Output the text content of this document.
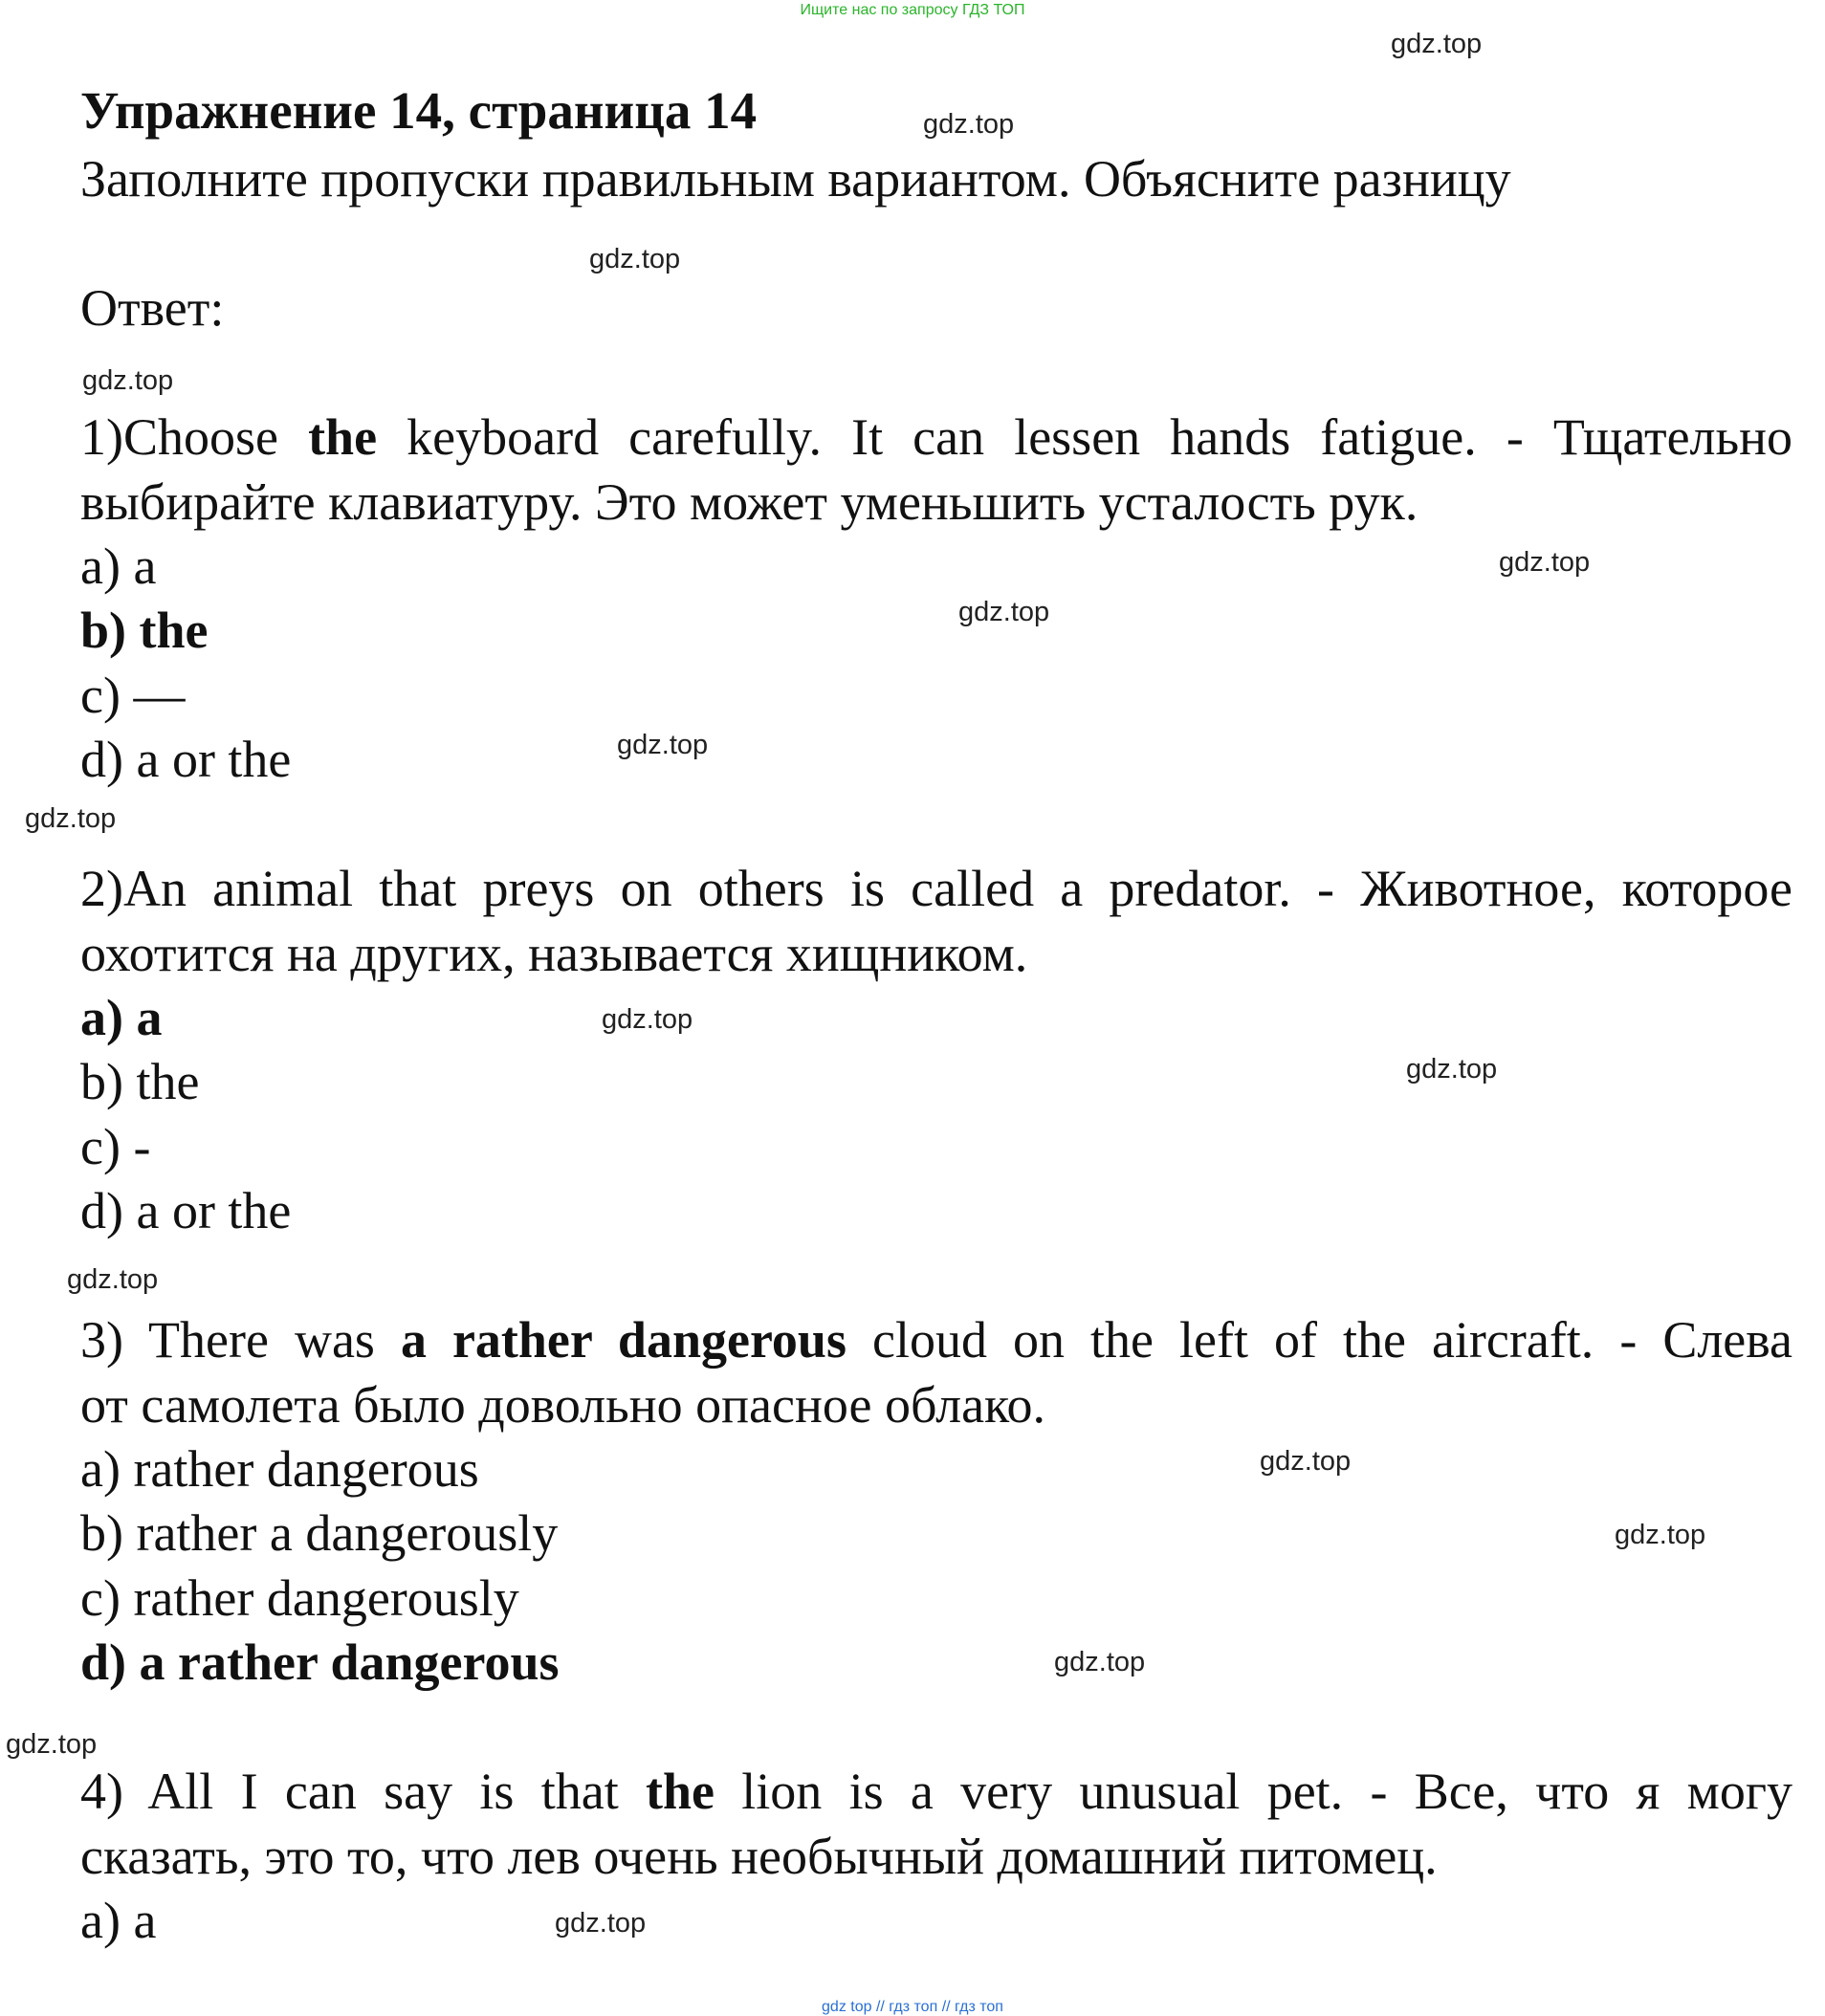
Ищите нас по запросу ГДЗ ТОП
gdz.top
gdz.top
gdz.top
gdz.top
gdz.top
gdz.top
gdz.top
gdz.top
gdz.top
gdz.top
gdz.top
gdz.top
gdz.top
gdz.top
gdz.top
gdz.top
Упражнение 14, страница 14
Заполните пропуски правильным вариантом. Объясните разницу
Ответ:
1)Choose the keyboard carefully. It can lessen hands fatigue. - Тщательно
выбирайте клавиатуру. Это может уменьшить усталость рук.
a) a
b) the
c) —
d) a or the
2)An animal that preys on others is called a predator. - Животное, которое
охотится на других, называется хищником.
a) a
b) the
c) -
d) a or the
3) There was a rather dangerous cloud on the left of the aircraft. - Слева
от самолета было довольно опасное облако.
a) rather dangerous
b) rather a dangerously
c) rather dangerously
d) a rather dangerous
4) All I can say is that the lion is a very unusual pet. - Все, что я могу
сказать, это то, что лев очень необычный домашний питомец.
a) a
gdz top // гдз топ // гдз топ
